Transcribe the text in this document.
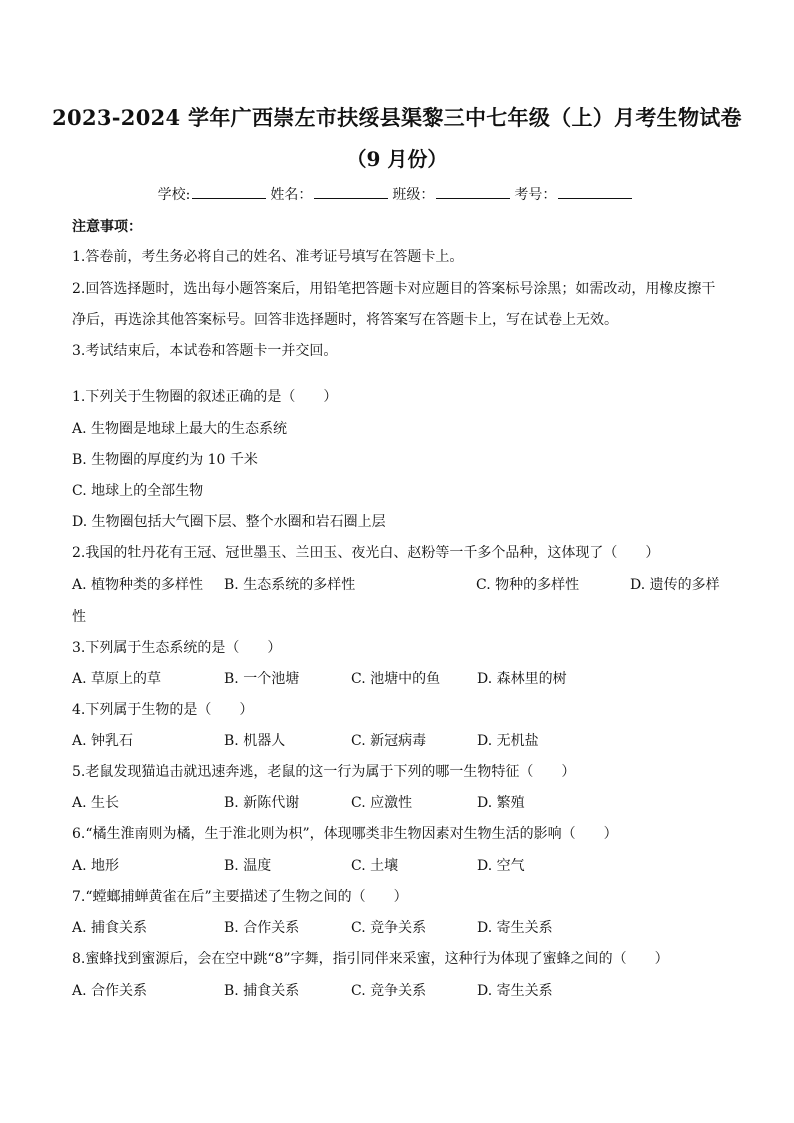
2023-2024 学年广西崇左市扶绥县渠黎三中七年级（上）月考生物试卷
（9 月份）
学校:	姓名：	班级：	考号：
注意事项：
1.答卷前，考生务必将自己的姓名、准考证号填写在答题卡上。
2.回答选择题时，选出每小题答案后，用铅笔把答题卡对应题目的答案标号涂黑；如需改动，用橡皮擦干
净后，再选涂其他答案标号。回答非选择题时，将答案写在答题卡上，写在试卷上无效。
3.考试结束后，本试卷和答题卡一并交回。
1.下列关于生物圈的叙述正确的是（　　）
A. 生物圈是地球上最大的生态系统
B. 生物圈的厚度约为 10 千米
C. 地球上的全部生物
D. 生物圈包括大气圈下层、整个水圈和岩石圈上层
2.我国的牡丹花有王冠、冠世墨玉、兰田玉、夜光白、赵粉等一千多个品种，这体现了（　　）
A. 植物种类的多样性 B. 生态系统的多样性	C. 物种的多样性	D. 遗传的多样
性
3.下列属于生态系统的是（　　）
A. 草原上的草	B. 一个池塘	C. 池塘中的鱼	D. 森林里的树
4.下列属于生物的是（　　）
A. 钟乳石	B. 机器人	C. 新冠病毒	D. 无机盐
5.老鼠发现猫追击就迅速奔逃，老鼠的这一行为属于下列的哪一生物特征（　　）
A. 生长	B. 新陈代谢	C. 应激性	D. 繁殖
6.“橘生淮南则为橘，生于淮北则为枳”，体现哪类非生物因素对生物生活的影响（　　）
A. 地形	B. 温度	C. 土壤	D. 空气
7.“螳螂捕蝉黄雀在后”主要描述了生物之间的（　　）
A. 捕食关系	B. 合作关系	C. 竞争关系	D. 寄生关系
8.蜜蜂找到蜜源后，会在空中跳“8”字舞，指引同伴来采蜜，这种行为体现了蜜蜂之间的（　　）
A. 合作关系	B. 捕食关系	C. 竞争关系	D. 寄生关系
